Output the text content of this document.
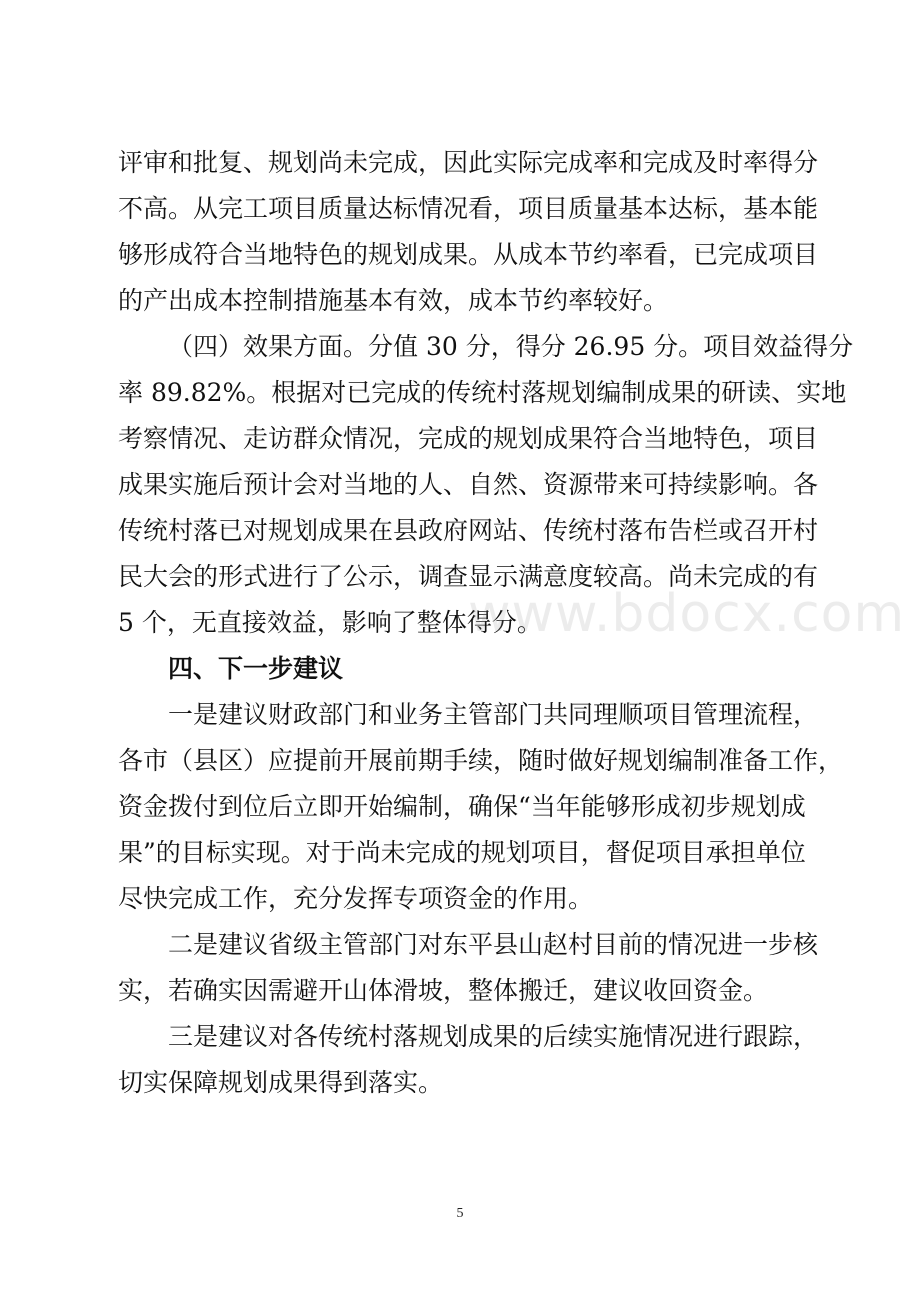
评审和批复、规划尚未完成，因此实际完成率和完成及时率得分
不高。从完工项目质量达标情况看，项目质量基本达标，基本能
够形成符合当地特色的规划成果。从成本节约率看，已完成项目
的产出成本控制措施基本有效，成本节约率较好。
（四）效果方面。分值 30 分，得分 26.95 分。项目效益得分
率 89.82%。根据对已完成的传统村落规划编制成果的研读、实地
考察情况、走访群众情况，完成的规划成果符合当地特色，项目
成果实施后预计会对当地的人、自然、资源带来可持续影响。各
传统村落已对规划成果在县政府网站、传统村落布告栏或召开村
民大会的形式进行了公示，调查显示满意度较高。尚未完成的有
5 个，无直接效益，影响了整体得分。
四、下一步建议
一是建议财政部门和业务主管部门共同理顺项目管理流程，
各市（县区）应提前开展前期手续，随时做好规划编制准备工作，
资金拨付到位后立即开始编制，确保“当年能够形成初步规划成
果”的目标实现。对于尚未完成的规划项目，督促项目承担单位
尽快完成工作，充分发挥专项资金的作用。
二是建议省级主管部门对东平县山赵村目前的情况进一步核
实，若确实因需避开山体滑坡，整体搬迁，建议收回资金。
三是建议对各传统村落规划成果的后续实施情况进行跟踪，
切实保障规划成果得到落实。
www.bdocx.com
5
